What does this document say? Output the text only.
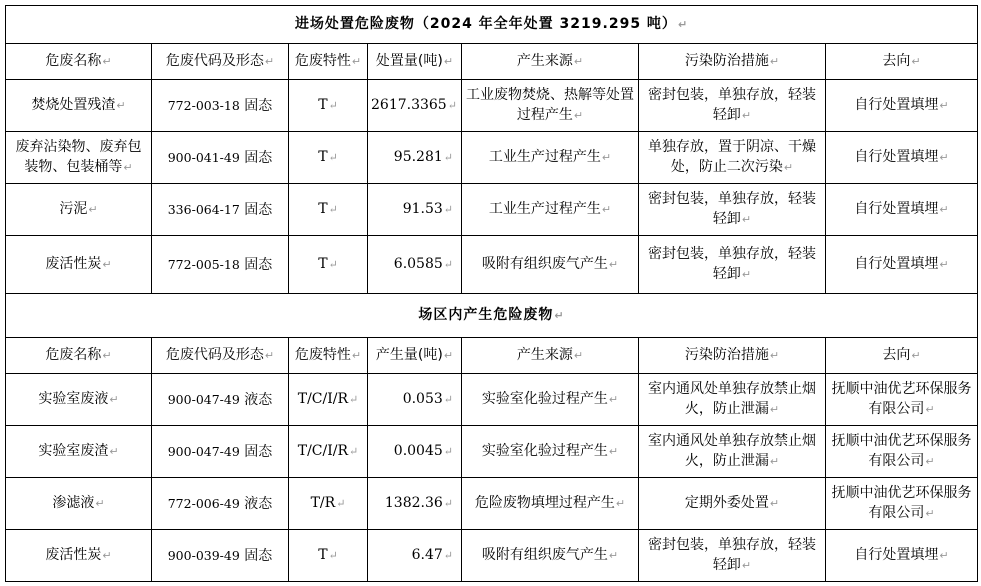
进场处置危险废物（2024 年全年处置 3219.295 吨）↵						
危废名称↵	危废代码及形态↵	危废特性↵	处置量(吨)↵	产生来源↵	污染防治措施↵	去向↵
焚烧处置残渣↵	772-003-18 固态	T↵	2617.3365↵	工业废物焚烧、热解等处置过程产生↵	密封包装，单独存放，轻装轻卸↵	自行处置填埋↵
废弃沾染物、废弃包装物、包装桶等↵	900-041-49 固态	T↵	95.281↵	工业生产过程产生↵	单独存放，置于阴凉、干燥处，防止二次污染↵	自行处置填埋↵
污泥↵	336-064-17 固态	T↵	91.53↵	工业生产过程产生↵	密封包装，单独存放，轻装轻卸↵	自行处置填埋↵
废活性炭↵	772-005-18 固态	T↵	6.0585↵	吸附有组织废气产生↵	密封包装，单独存放，轻装轻卸↵	自行处置填埋↵
场区内产生危险废物↵						
危废名称↵	危废代码及形态↵	危废特性↵	产生量(吨)↵	产生来源↵	污染防治措施↵	去向↵
实验室废液↵	900-047-49 液态	T/C/I/R↵	0.053↵	实验室化验过程产生↵	室内通风处单独存放禁止烟火，防止泄漏↵	抚顺中油优艺环保服务有限公司↵
实验室废渣↵	900-047-49 固态	T/C/I/R↵	0.0045↵	实验室化验过程产生↵	室内通风处单独存放禁止烟火，防止泄漏↵	抚顺中油优艺环保服务有限公司↵
渗滤液↵	772-006-49 液态	T/R↵	1382.36↵	危险废物填埋过程产生↵	定期外委处置↵	抚顺中油优艺环保服务有限公司↵
废活性炭↵	900-039-49 固态	T↵	6.47↵	吸附有组织废气产生↵	密封包装，单独存放，轻装轻卸↵	自行处置填埋↵
